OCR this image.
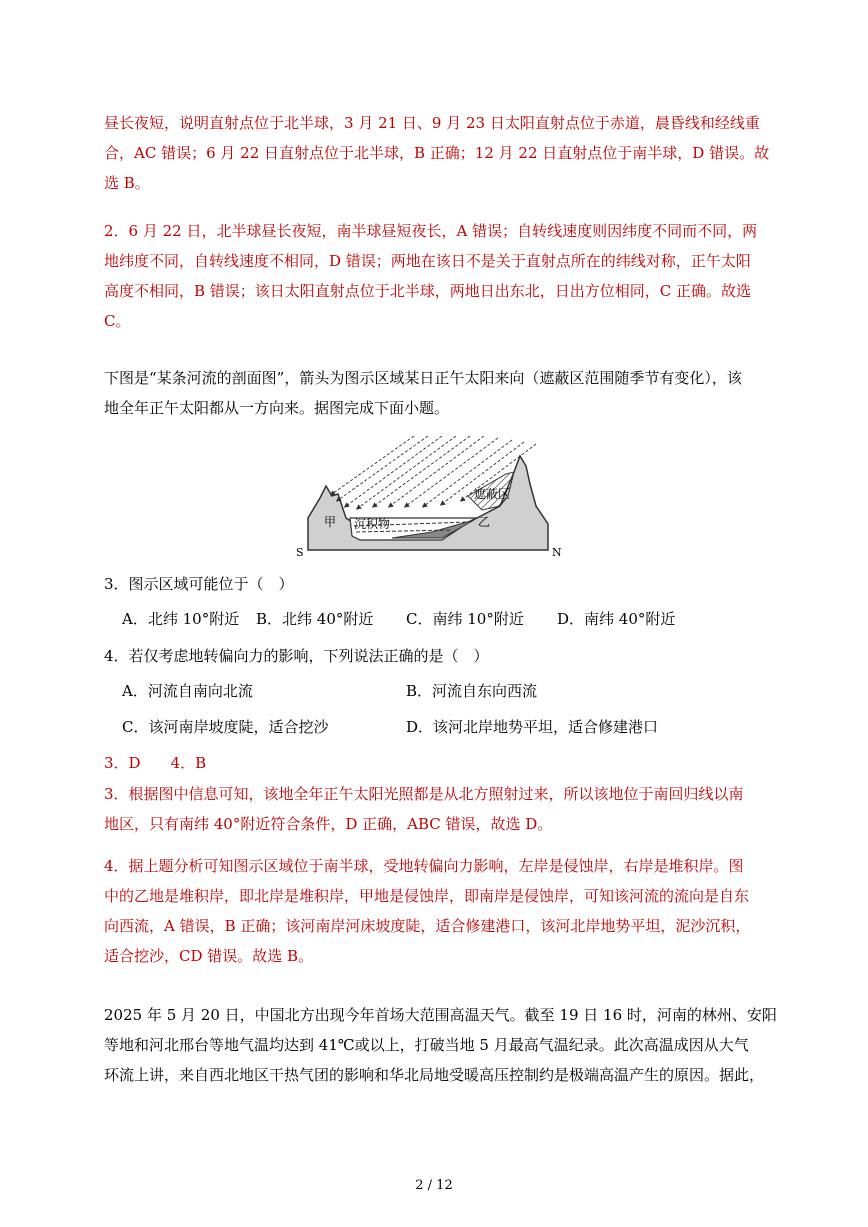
昼长夜短，说明直射点位于北半球，3 月 21 日、9 月 23 日太阳直射点位于赤道，晨昏线和经线重
合，AC 错误；6 月 22 日直射点位于北半球，B 正确；12 月 22 日直射点位于南半球，D 错误。故
选 B。
2．6 月 22 日，北半球昼长夜短，南半球昼短夜长，A 错误；自转线速度则因纬度不同而不同，两
地纬度不同，自转线速度不相同，D 错误；两地在该日不是关于直射点所在的纬线对称，正午太阳
高度不相同，B 错误；该日太阳直射点位于北半球，两地日出东北，日出方位相同，C 正确。故选
C。
下图是“某条河流的剖面图”，箭头为图示区域某日正午太阳来向（遮蔽区范围随季节有变化），该
地全年正午太阳都从一方向来。据图完成下面小题。
甲 沉积物	乙
遮蔽区
S	N
3．图示区域可能位于（　）
A．北纬 10°附近 B．北纬 40°附近 C．南纬 10°附近 D．南纬 40°附近
4．若仅考虑地转偏向力的影响，下列说法正确的是（　）
A．河流自南向北流	B．河流自东向西流
C．该河南岸坡度陡，适合挖沙	D．该河北岸地势平坦，适合修建港口
3．D　　4．B
3．根据图中信息可知，该地全年正午太阳光照都是从北方照射过来，所以该地位于南回归线以南
地区，只有南纬 40°附近符合条件，D 正确，ABC 错误，故选 D。
4．据上题分析可知图示区域位于南半球，受地转偏向力影响，左岸是侵蚀岸，右岸是堆积岸。图
中的乙地是堆积岸，即北岸是堆积岸，甲地是侵蚀岸，即南岸是侵蚀岸，可知该河流的流向是自东
向西流，A 错误，B 正确；该河南岸河床坡度陡，适合修建港口，该河北岸地势平坦，泥沙沉积，
适合挖沙，CD 错误。故选 B。
2025 年 5 月 20 日，中国北方出现今年首场大范围高温天气。截至 19 日 16 时，河南的林州、安阳
等地和河北邢台等地气温均达到 41℃或以上，打破当地 5 月最高气温纪录。此次高温成因从大气
环流上讲，来自西北地区干热气团的影响和华北局地受暖高压控制约是极端高温产生的原因。据此，
2 / 12
